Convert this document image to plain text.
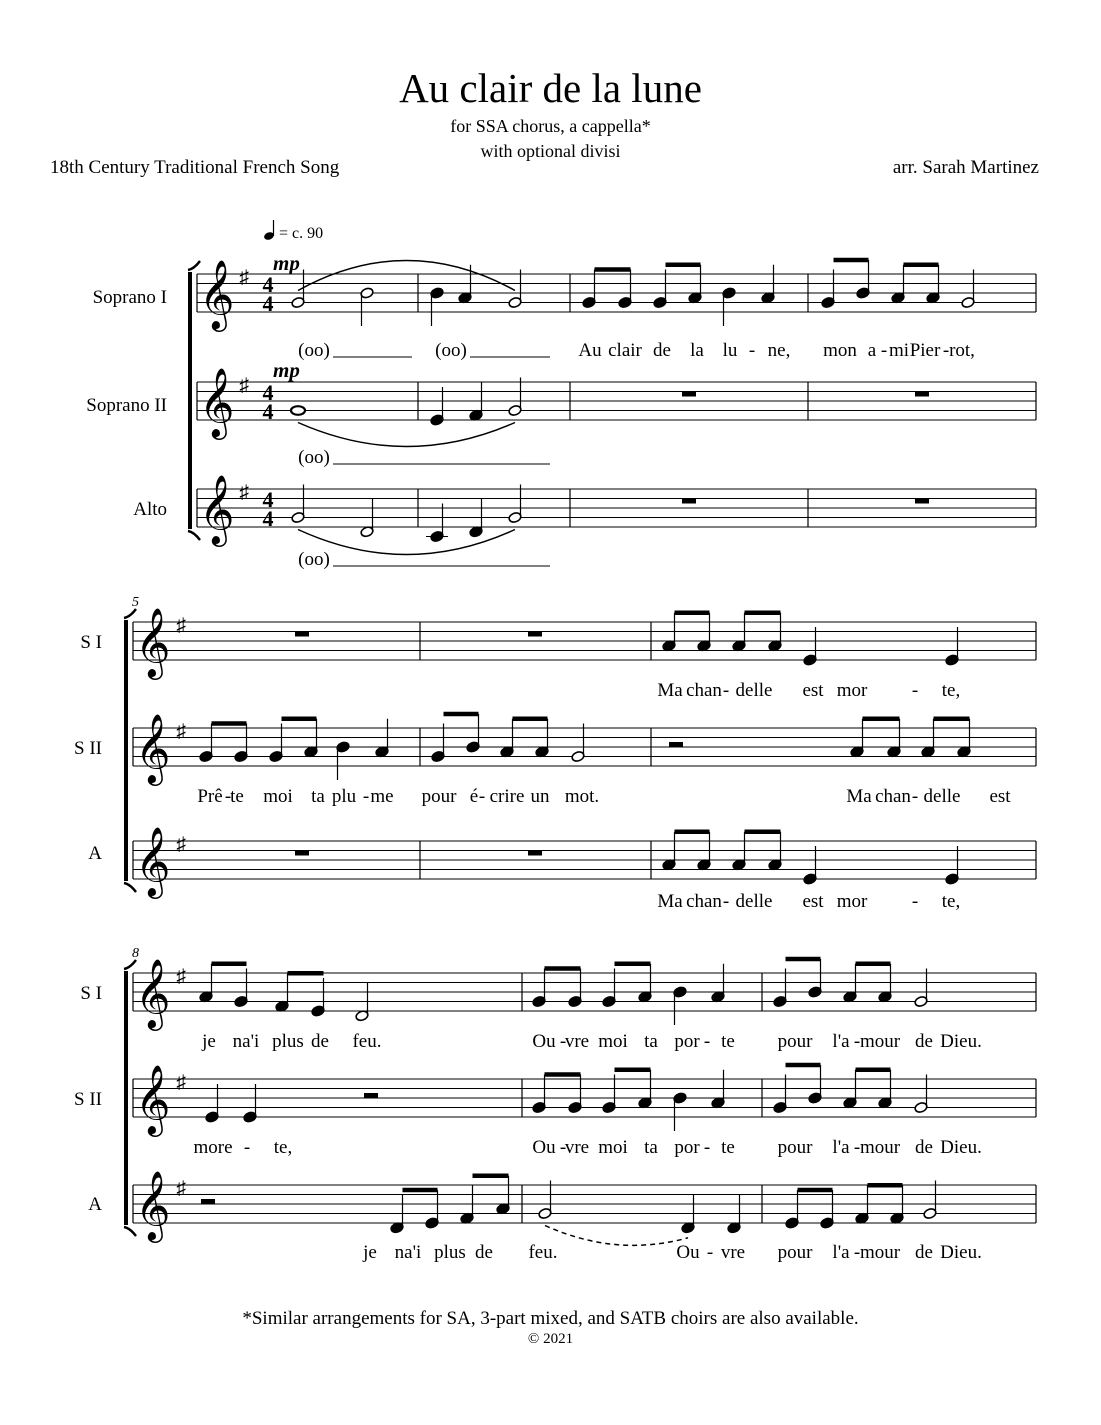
Au clair de la lune
for SSA chorus, a cappella*
with optional divisi
18th Century Traditional French Song	arr. Sarah Martinez
= c. 90
𝄞 ♯ 4
4
Soprano I
𝄞 ♯ 4
4
Soprano II
𝄞 ♯ 4
4
Alto
mp
mp
(oo)	(oo)	Au clair de la lu - ne, mon a - mi Pier - rot,
(oo)
(oo)
5
𝄞 ♯
S I
𝄞 ♯
S II
𝄞 ♯
A
Ma chan - delle est mor - te,
Prê -
te moi ta plu - me pour é - crire un mot.	Ma chan - delle est
Ma chan - delle est mor - te,
8
𝄞 ♯
S I
𝄞 ♯
S II
𝄞 ♯
A
je na'i plus de feu.	Ou -
vre moi ta por - te pour l'a - mour de Dieu.
more - te,	Ou -
vre moi ta por - te pour l'a - mour de Dieu.
je na'i plus de feu.	Ou - vre pour l'a - mour de Dieu.
*Similar arrangements for SA, 3-part mixed, and SATB choirs are also available.
© 2021
